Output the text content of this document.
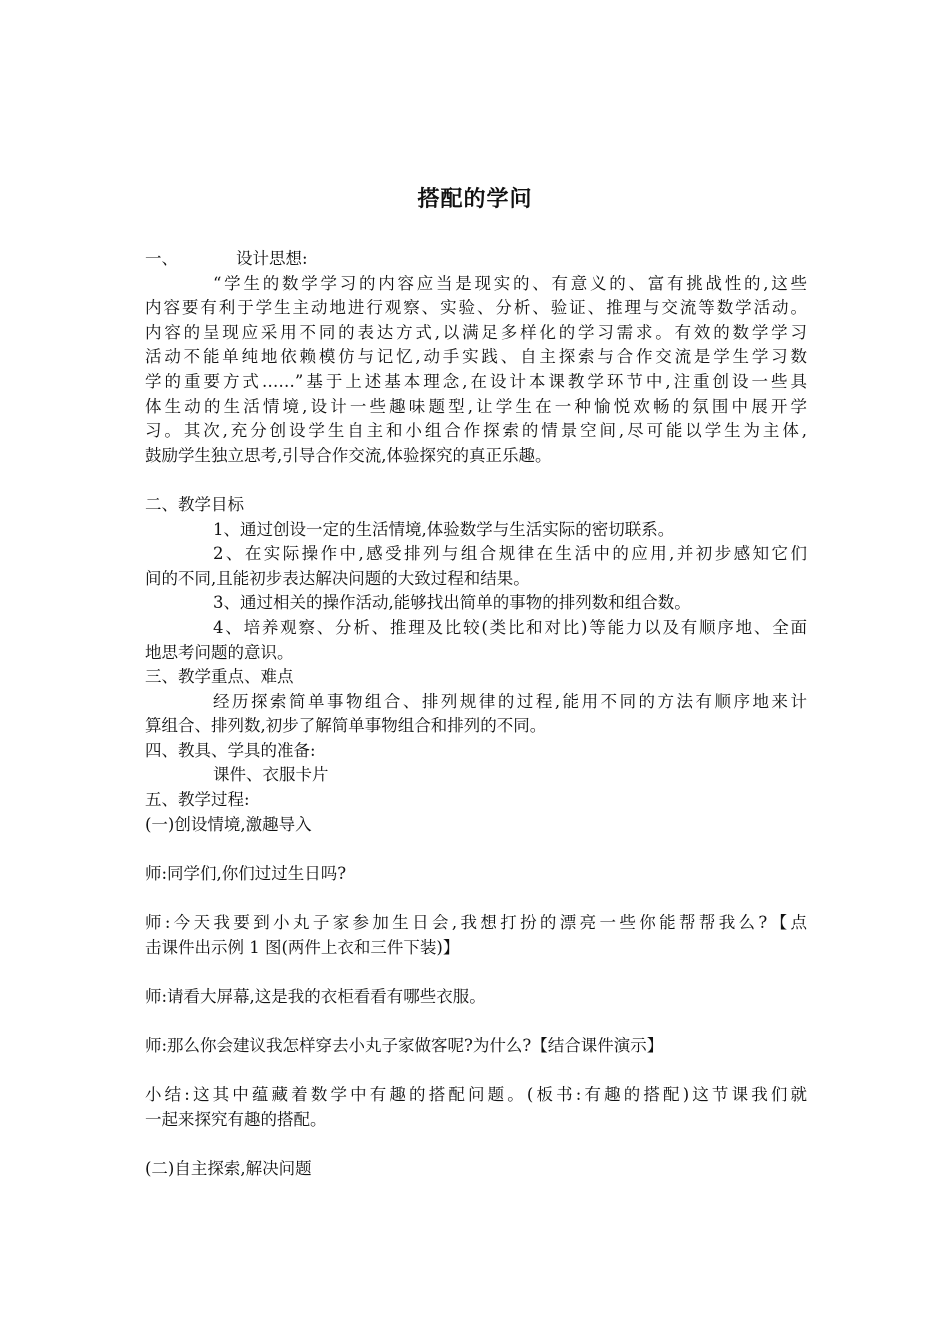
搭配的学问
一、	设计思想:
“学生的数学学习的内容应当是现实的、有意义的、富有挑战性的,这些
内容要有利于学生主动地进行观察、实验、分析、验证、推理与交流等数学活动。
内容的呈现应采用不同的表达方式,以满足多样化的学习需求。有效的数学学习
活动不能单纯地依赖模仿与记忆,动手实践、自主探索与合作交流是学生学习数
学的重要方式……”基于上述基本理念,在设计本课教学环节中,注重创设一些具
体生动的生活情境,设计一些趣味题型,让学生在一种愉悦欢畅的氛围中展开学
习。其次,充分创设学生自主和小组合作探索的情景空间,尽可能以学生为主体,
鼓励学生独立思考,引导合作交流,体验探究的真正乐趣。
二、教学目标
1、通过创设一定的生活情境,体验数学与生活实际的密切联系。
2、在实际操作中,感受排列与组合规律在生活中的应用,并初步感知它们
间的不同,且能初步表达解决问题的大致过程和结果。
3、通过相关的操作活动,能够找出简单的事物的排列数和组合数。
4、培养观察、分析、推理及比较(类比和对比)等能力以及有顺序地、全面
地思考问题的意识。
三、教学重点、难点
经历探索简单事物组合、排列规律的过程,能用不同的方法有顺序地来计
算组合、排列数,初步了解简单事物组合和排列的不同。
四、教具、学具的准备:
课件、衣服卡片
五、教学过程:
(一)创设情境,激趣导入
师:同学们,你们过过生日吗?
师:今天我要到小丸子家参加生日会,我想打扮的漂亮一些你能帮帮我么?【点
击课件出示例 1 图(两件上衣和三件下装)】
师:请看大屏幕,这是我的衣柜看看有哪些衣服。
师:那么你会建议我怎样穿去小丸子家做客呢?为什么?【结合课件演示】
小结:这其中蕴藏着数学中有趣的搭配问题。(板书:有趣的搭配)这节课我们就
一起来探究有趣的搭配。
(二)自主探索,解决问题
